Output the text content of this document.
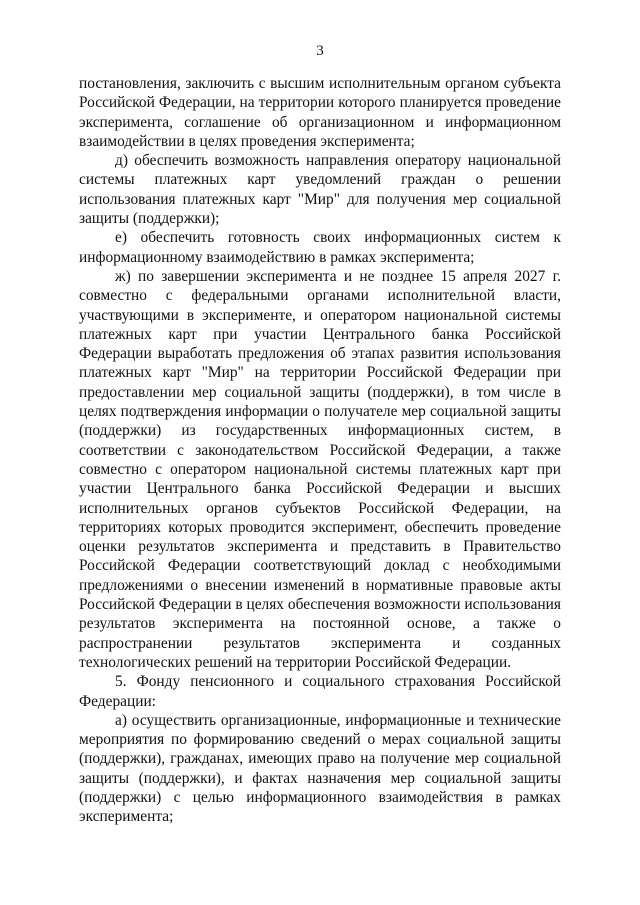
3

постановления, заключить с высшим исполнительным органом субъекта Российской Федерации, на территории которого планируется проведение эксперимента, соглашение об организационном и информационном взаимодействии в целях проведения эксперимента;

д) обеспечить возможность направления оператору национальной системы платежных карт уведомлений граждан о решении использования платежных карт "Мир" для получения мер социальной защиты (поддержки);

е) обеспечить готовность своих информационных систем к информационному взаимодействию в рамках эксперимента;

ж) по завершении эксперимента и не позднее 15 апреля 2027 г. совместно с федеральными органами исполнительной власти, участвующими в эксперименте, и оператором национальной системы платежных карт при участии Центрального банка Российской Федерации выработать предложения об этапах развития использования платежных карт "Мир" на территории Российской Федерации при предоставлении мер социальной защиты (поддержки), в том числе в целях подтверждения информации о получателе мер социальной защиты (поддержки) из государственных информационных систем, в соответствии с законодательством Российской Федерации, а также совместно с оператором национальной системы платежных карт при участии Центрального банка Российской Федерации и высших исполнительных органов субъектов Российской Федерации, на территориях которых проводится эксперимент, обеспечить проведение оценки результатов эксперимента и представить в Правительство Российской Федерации соответствующий доклад с необходимыми предложениями о внесении изменений в нормативные правовые акты Российской Федерации в целях обеспечения возможности использования результатов эксперимента на постоянной основе, а также о распространении результатов эксперимента и созданных технологических решений на территории Российской Федерации.

5. Фонду пенсионного и социального страхования Российской Федерации:

а) осуществить организационные, информационные и технические мероприятия по формированию сведений о мерах социальной защиты (поддержки), гражданах, имеющих право на получение мер социальной защиты (поддержки), и фактах назначения мер социальной защиты (поддержки) с целью информационного взаимодействия в рамках эксперимента;
